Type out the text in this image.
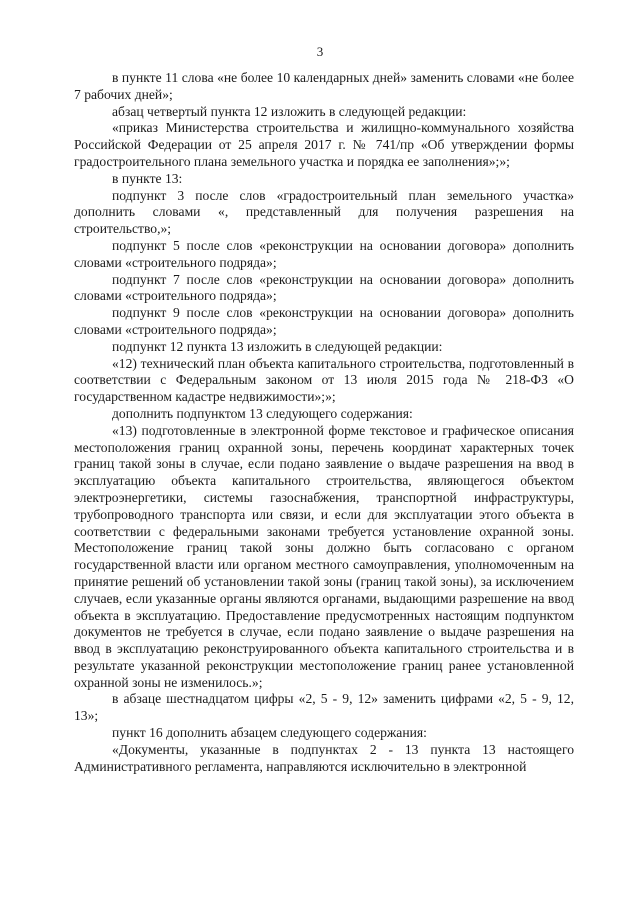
3

в пункте 11 слова «не более 10 календарных дней» заменить словами «не более 7 рабочих дней»;

абзац четвертый пункта 12 изложить в следующей редакции:

«приказ Министерства строительства и жилищно-коммунального хозяйства Российской Федерации от 25 апреля 2017 г. № 741/пр «Об утверждении формы градостроительного плана земельного участка и порядка ее заполнения»;»;

в пункте 13:

подпункт 3 после слов «градостроительный план земельного участка» дополнить словами «, представленный для получения разрешения на строительство,»;

подпункт 5 после слов «реконструкции на основании договора» дополнить словами «строительного подряда»;

подпункт 7 после слов «реконструкции на основании договора» дополнить словами «строительного подряда»;

подпункт 9 после слов «реконструкции на основании договора» дополнить словами «строительного подряда»;

подпункт 12 пункта 13 изложить в следующей редакции:

«12) технический план объекта капитального строительства, подготовленный в соответствии с Федеральным законом от 13 июля 2015 года № 218-ФЗ «О государственном кадастре недвижимости»;»;

дополнить подпунктом 13 следующего содержания:

«13) подготовленные в электронной форме текстовое и графическое описания местоположения границ охранной зоны, перечень координат характерных точек границ такой зоны в случае, если подано заявление о выдаче разрешения на ввод в эксплуатацию объекта капитального строительства, являющегося объектом электроэнергетики, системы газоснабжения, транспортной инфраструктуры, трубопроводного транспорта или связи, и если для эксплуатации этого объекта в соответствии с федеральными законами требуется установление охранной зоны. Местоположение границ такой зоны должно быть согласовано с органом государственной власти или органом местного самоуправления, уполномоченным на принятие решений об установлении такой зоны (границ такой зоны), за исключением случаев, если указанные органы являются органами, выдающими разрешение на ввод объекта в эксплуатацию. Предоставление предусмотренных настоящим подпунктом документов не требуется в случае, если подано заявление о выдаче разрешения на ввод в эксплуатацию реконструированного объекта капитального строительства и в результате указанной реконструкции местоположение границ ранее установленной охранной зоны не изменилось.»;

в абзаце шестнадцатом цифры «2, 5 - 9, 12» заменить цифрами «2, 5 - 9, 12, 13»;

пункт 16 дополнить абзацем следующего содержания:

«Документы, указанные в подпунктах 2 - 13 пункта 13 настоящего Административного регламента, направляются исключительно в электронной
